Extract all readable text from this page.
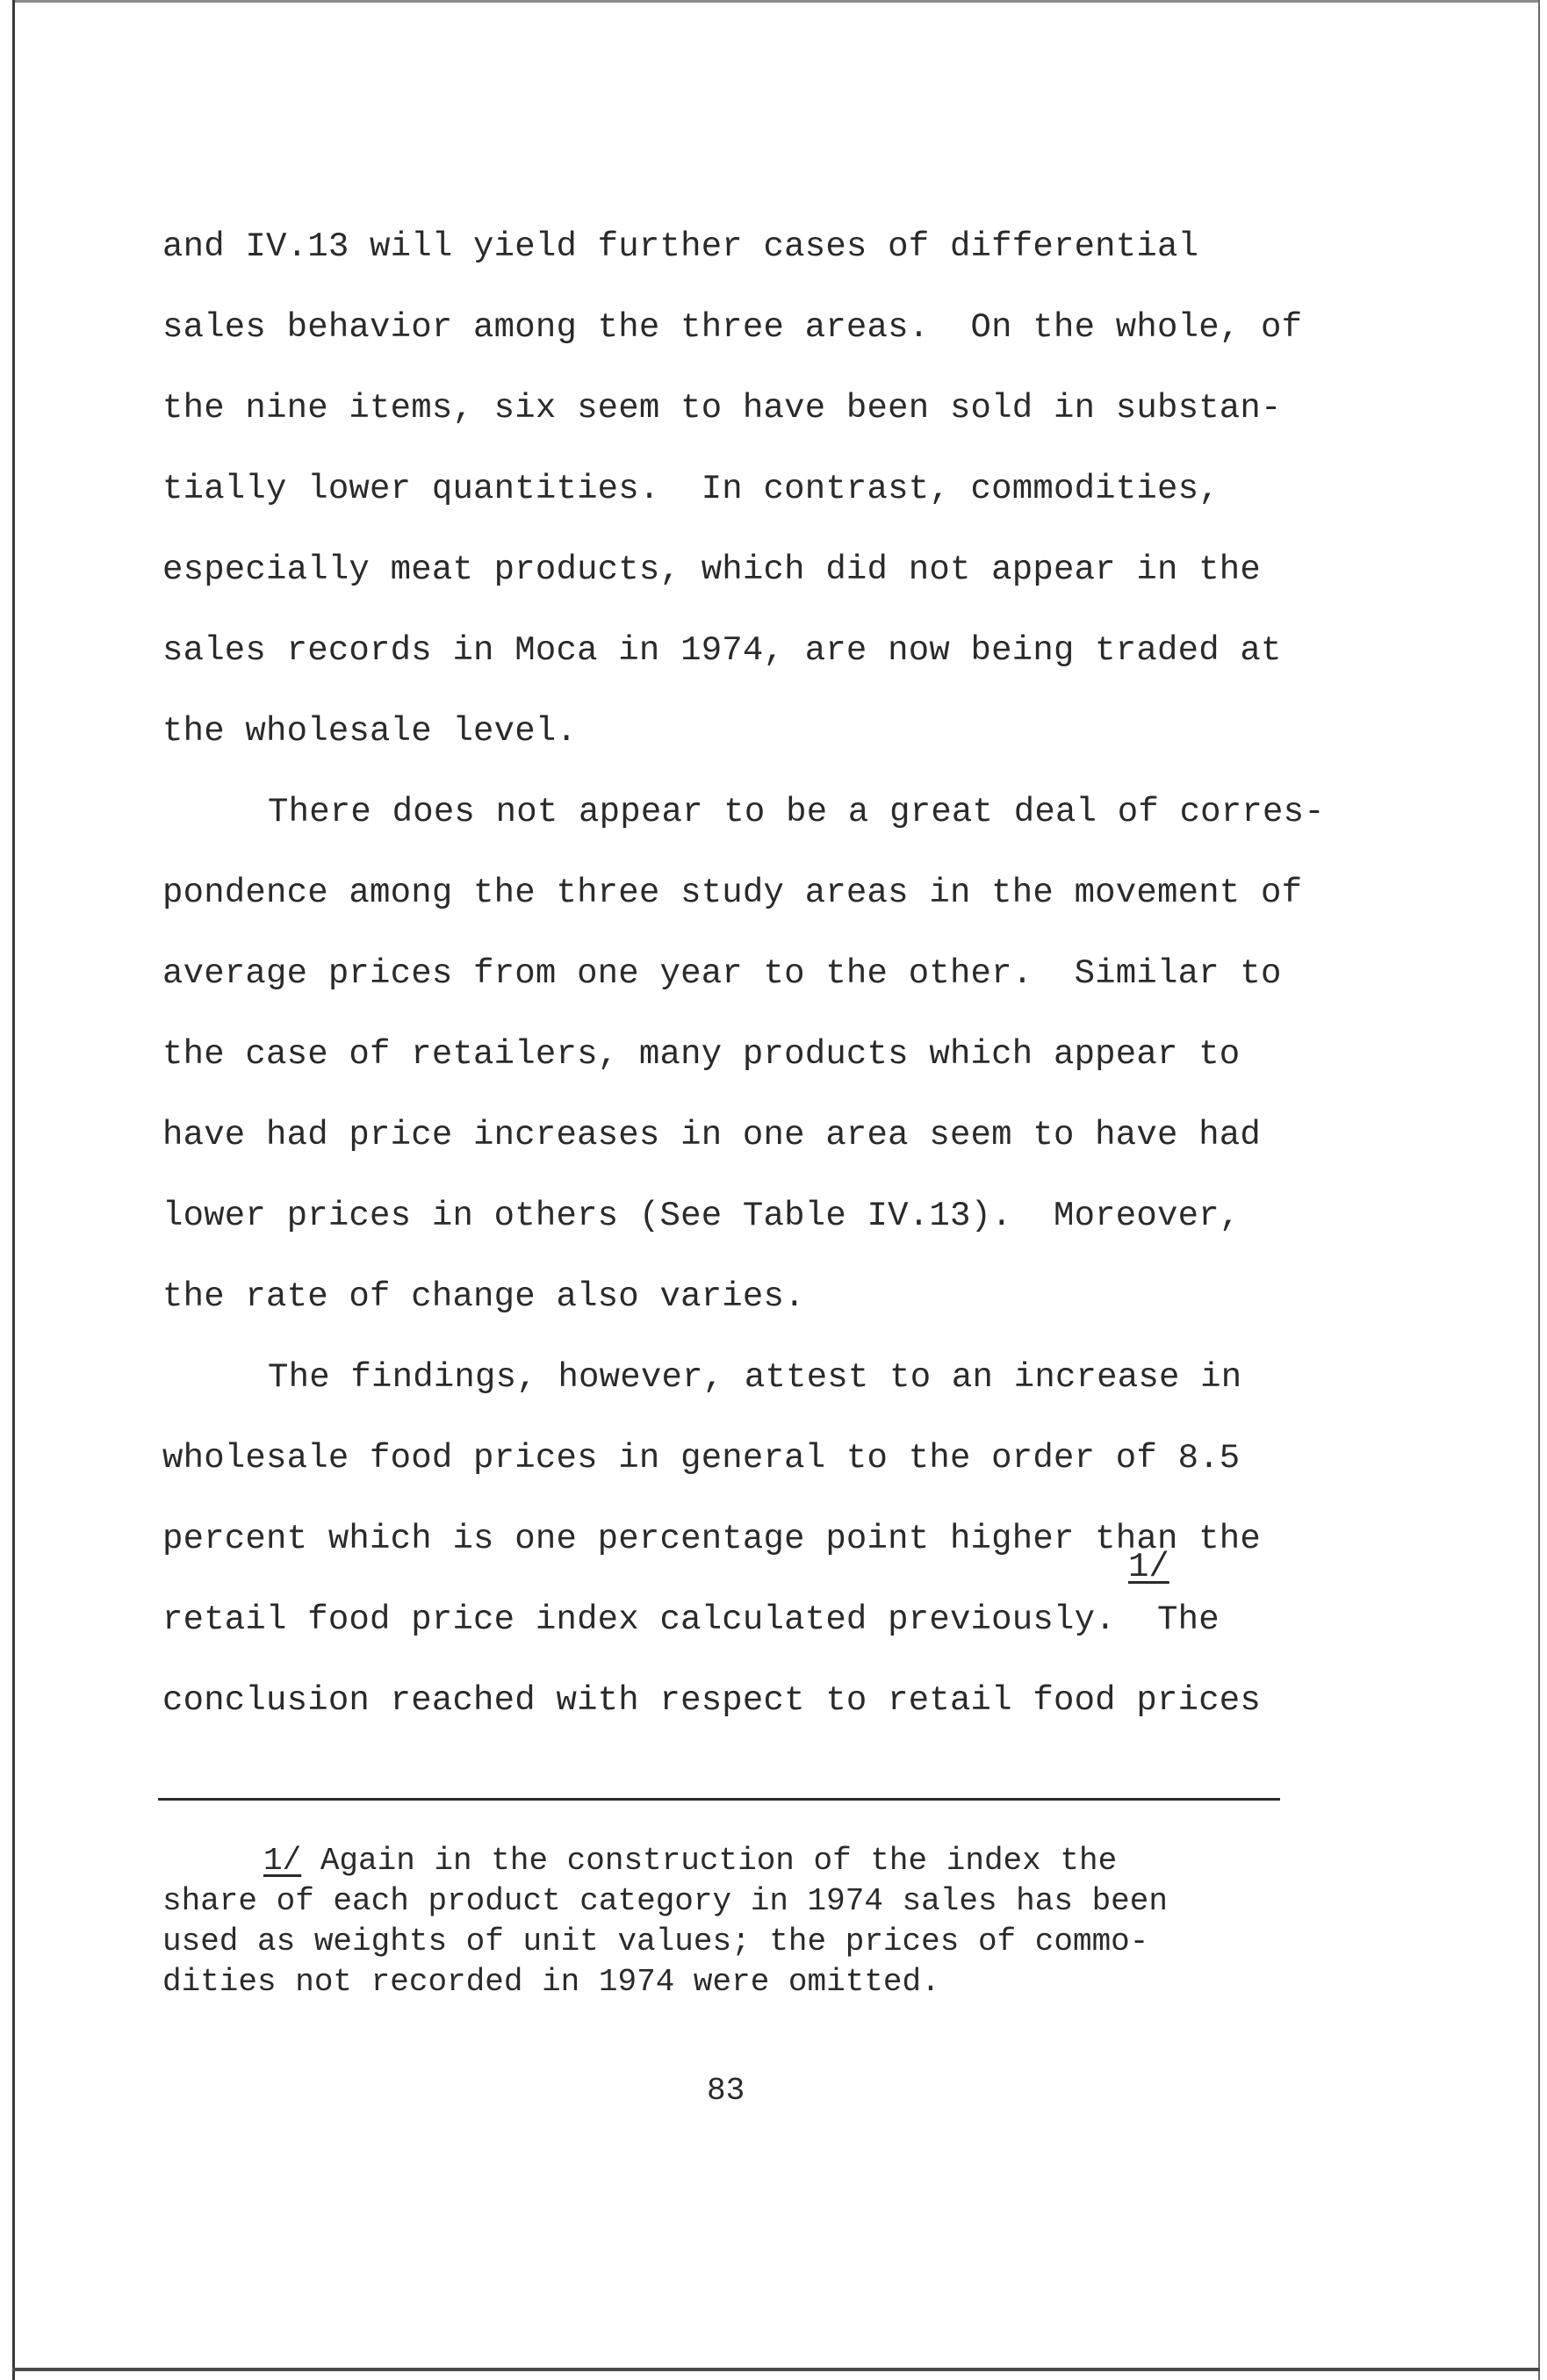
and IV.13 will yield further cases of differential
sales behavior among the three areas.  On the whole, of
the nine items, six seem to have been sold in substan-
tially lower quantities.  In contrast, commodities,
especially meat products, which did not appear in the
sales records in Moca in 1974, are now being traded at
the wholesale level.
There does not appear to be a great deal of corres-
pondence among the three study areas in the movement of
average prices from one year to the other.  Similar to
the case of retailers, many products which appear to
have had price increases in one area seem to have had
lower prices in others (See Table IV.13).  Moreover,
the rate of change also varies.
The findings, however, attest to an increase in
wholesale food prices in general to the order of 8.5
percent which is one percentage point higher than the
1/
retail food price index calculated previously.  The
conclusion reached with respect to retail food prices
1/ Again in the construction of the index the
share of each product category in 1974 sales has been
used as weights of unit values; the prices of commo-
dities not recorded in 1974 were omitted.
83
